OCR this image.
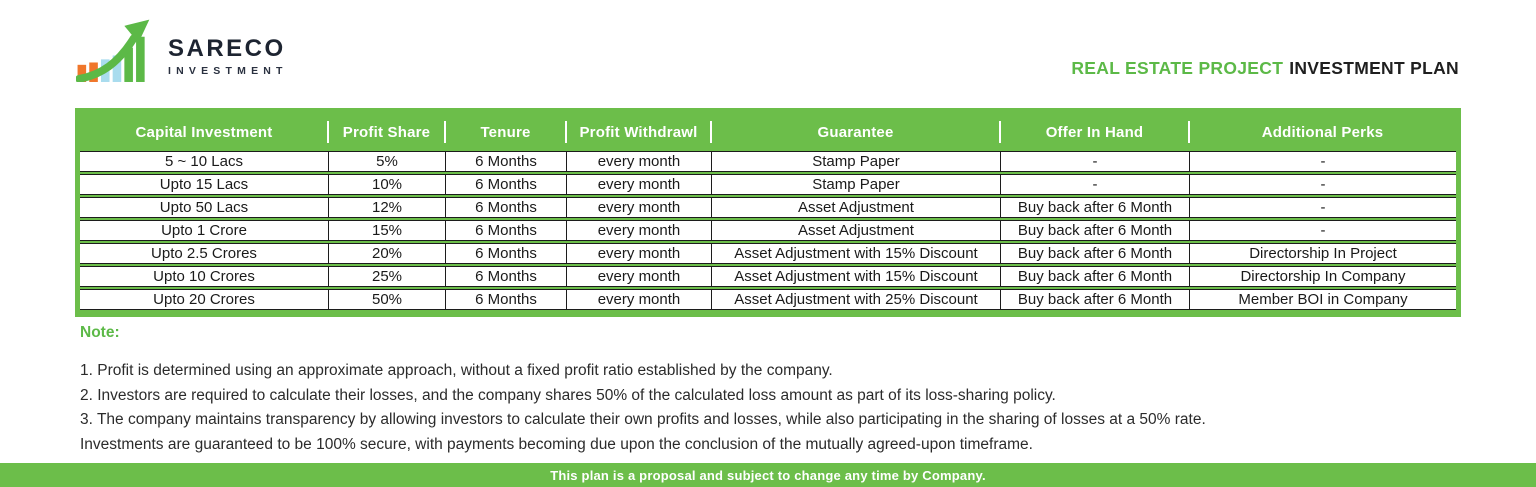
SARECO
INVESTMENT	REAL ESTATE PROJECT INVESTMENT PLAN
Capital Investment	Profit Share	Tenure	Profit Withdrawl	Guarantee	Offer In Hand	Additional Perks
5 ~ 10 Lacs	5%	6 Months	every month	Stamp Paper	-	-
Upto 15 Lacs	10%	6 Months	every month	Stamp Paper	-	-
Upto 50 Lacs	12%	6 Months	every month	Asset Adjustment	Buy back after 6 Month	-
Upto 1 Crore	15%	6 Months	every month	Asset Adjustment	Buy back after 6 Month	-
Upto 2.5 Crores	20%	6 Months	every month	Asset Adjustment with 15% Discount	Buy back after 6 Month	Directorship In Project
Upto 10 Crores	25%	6 Months	every month	Asset Adjustment with 15% Discount	Buy back after 6 Month	Directorship In Company
Upto 20 Crores	50%	6 Months	every month	Asset Adjustment with 25% Discount	Buy back after 6 Month	Member BOI in Company
Note:

1. Profit is determined using an approximate approach, without a fixed profit ratio established by the company.

2. Investors are required to calculate their losses, and the company shares 50% of the calculated loss amount as part of its loss-sharing policy.

3. The company maintains transparency by allowing investors to calculate their own profits and losses, while also participating in the sharing of losses at a 50% rate.

Investments are guaranteed to be 100% secure, with payments becoming due upon the conclusion of the mutually agreed-upon timeframe.

This plan is a proposal and subject to change any time by Company.
